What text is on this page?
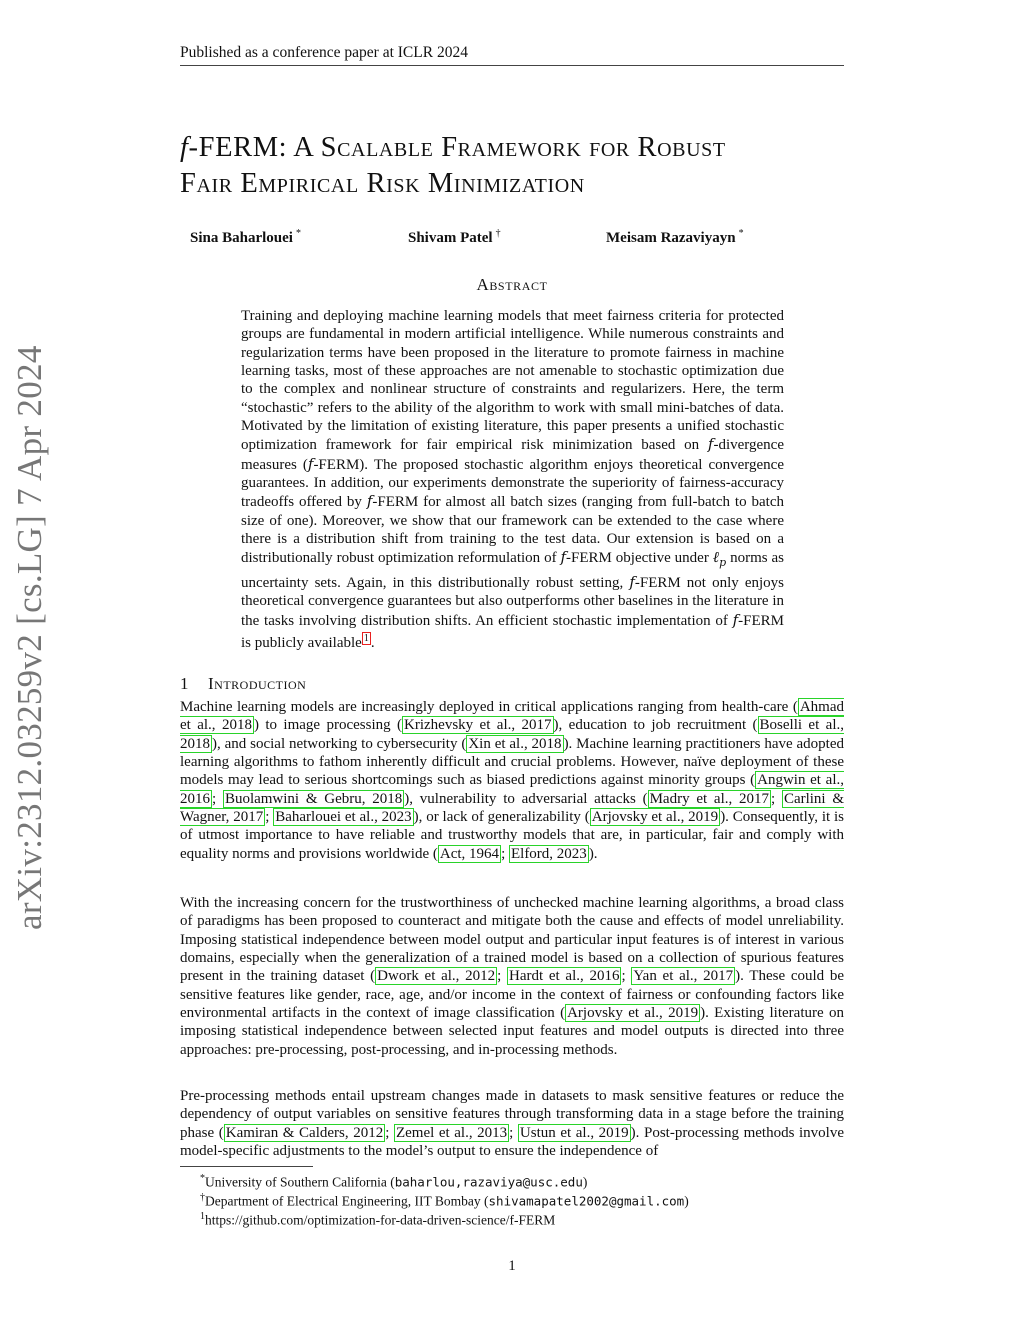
Published as a conference paper at ICLR 2024
arXiv:2312.03259v2 [cs.LG] 7 Apr 2024
f-FERM: A Scalable Framework for Robust
Fair Empirical Risk Minimization
Sina Baharlouei *	Shivam Patel †	Meisam Razaviyayn *
Abstract
Training and deploying machine learning models that meet fairness criteria for protected groups are fundamental in modern artificial intelligence. While numerous constraints and regularization terms have been proposed in the literature to promote fairness in machine learning tasks, most of these approaches are not amenable to stochastic optimization due to the complex and nonlinear structure of constraints and regularizers. Here, the term “stochastic” refers to the ability of the algorithm to work with small mini-batches of data. Motivated by the limitation of existing literature, this paper presents a unified stochastic optimization framework for fair empirical risk minimization based on f-divergence measures (f-FERM). The proposed stochastic algorithm enjoys theoretical convergence guarantees. In addition, our experiments demonstrate the superiority of fairness-accuracy tradeoffs offered by f-FERM for almost all batch sizes (ranging from full-batch to batch size of one). Moreover, we show that our framework can be extended to the case where there is a distribution shift from training to the test data. Our extension is based on a distributionally robust optimization reformulation of f-FERM objective under ℓ$_p$ norms as uncertainty sets. Again, in this distributionally robust setting, f-FERM not only enjoys theoretical convergence guarantees but also outperforms other baselines in the literature in the tasks involving distribution shifts. An efficient stochastic implementation of f-FERM is publicly available $^1$ .
1 Introduction
Machine learning models are increasingly deployed in critical applications ranging from health-care ( Ahmad et al., 2018 ) to image processing ( Krizhevsky et al., 2017 ), education to job recruitment ( Boselli et al., 2018 ), and social networking to cybersecurity ( Xin et al., 2018 ). Machine learning practitioners have adopted learning algorithms to fathom inherently difficult and crucial problems. However, naïve deployment of these models may lead to serious shortcomings such as biased predictions against minority groups ( Angwin et al., 2016 ; Buolamwini & Gebru, 2018 ), vulnerability to adversarial attacks ( Madry et al., 2017 ; Carlini & Wagner, 2017 ; Baharlouei et al., 2023 ), or lack of generalizability ( Arjovsky et al., 2019 ). Consequently, it is of utmost importance to have reliable and trustworthy models that are, in particular, fair and comply with equality norms and provisions worldwide ( Act, 1964 ; Elford, 2023 ).
With the increasing concern for the trustworthiness of unchecked machine learning algorithms, a broad class of paradigms has been proposed to counteract and mitigate both the cause and effects of model unreliability. Imposing statistical independence between model output and particular input features is of interest in various domains, especially when the generalization of a trained model is based on a collection of spurious features present in the training dataset ( Dwork et al., 2012 ; Hardt et al., 2016 ; Yan et al., 2017 ). These could be sensitive features like gender, race, age, and/or income in the context of fairness or confounding factors like environmental artifacts in the context of image classification ( Arjovsky et al., 2019 ). Existing literature on imposing statistical independence between selected input features and model outputs is directed into three approaches: pre-processing, post-processing, and in-processing methods.
Pre-processing methods entail upstream changes made in datasets to mask sensitive features or reduce the dependency of output variables on sensitive features through transforming data in a stage before the training phase ( Kamiran & Calders, 2012 ; Zemel et al., 2013 ; Ustun et al., 2019 ). Post-processing methods involve model-specific adjustments to the model’s output to ensure the independence of
*University of Southern California (baharlou,razaviya@usc.edu)
†Department of Electrical Engineering, IIT Bombay (shivamapatel2002@gmail.com)
$^1$https://github.com/optimization-for-data-driven-science/f-FERM
1
